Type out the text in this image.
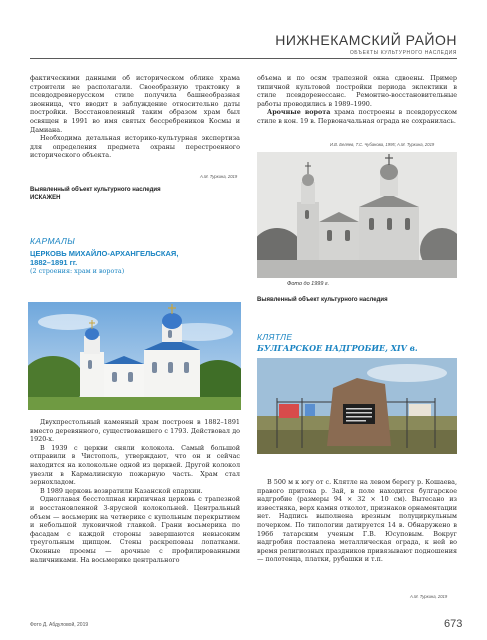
НИЖНЕКАМСКИЙ РАЙОН
ОБЪЕКТЫ КУЛЬТУРНОГО НАСЛЕДИЯ

фактическими данными об историческом облике храма строители не располагали. Своеобразную трактовку в псевдодревнерусском стиле получила башнеобразная звонница, что вводит в заблуждение относительно даты постройки. Восстановленный таким образом храм был освящен в 1991 во имя святых бессребреников Космы и Дамиана.

Необходима детальная историко-культурная экспертиза для определения предмета охраны перестроенного исторического объекта.

А.М. Туркина, 2019
Выявленный объект культурного наследия
ИСКАЖЕН
КАРМАЛЫ
ЦЕРКОВЬ МИХАЙЛО-АРХАНГЕЛЬСКАЯ,
1882–1891 гг.
(2 строения: храм и ворота)

Двухпрестольный каменный храм построен в 1882–1891 вместо деревянного, существовавшего с 1793. Действовал до 1920-х.

В 1939 с церкви сняли колокола. Самый большой отправили в Чистополь, утверждают, что он и сейчас находится на колокольне одной из церквей. Другой колокол увезли в Кармалинскую пожарную часть. Храм стал зернохладом.

В 1989 церковь возвратили Казанской епархии.

Одноглавая бесстолпная кирпичная церковь с трапезной и восстановленной 3-ярусной колокольней. Центральный объем — восьмерик на четверике с купольным перекрытием и небольшой луковичной главкой. Грани восьмерика по фасадам с каждой стороны завершаются невысоким треугольным щипцом. Стены раскреповаы лопатками. Оконные проемы — арочные с профилированными наличниками. На восьмерике центрального

объема и по осям трапезной окна сдвоены. Пример типичной культовой постройки периода эклектики в стиле псевдоренессанс. Ремонтно-восстановительные работы проводились в 1989–1990.

Арочные ворота храма построены в псевдорусском стиле в кон. 19 в. Первоначальная ограда не сохранилась.

И.В. Беляев, Т.С. Чубанова, 1995; А.М. Туркина, 2019
Фото до 1999 г.
Выявленный объект культурного наследия
КЛЯТЛЕ
БУЛГАРСКОЕ НАДГРОБИЕ, XIV в.

В 500 м к югу от с. Клятле на левом берегу р. Кошаева, правого притока р. Зай, в поле находится булгарское надгробие (размеры 94 × 32 × 10 см). Вытесано из известняка, верх камня отколот, признаков орнаментации нет. Надпись выполнена врезным полуциркульным почерком. По типологии датируется 14 в. Обнаружено в 1966 татарским ученым Г.В. Юсуповым. Вокруг надгробия поставлена металлическая ограда, к ней во время религиозных праздников привязывают подношения — полотенца, платки, рубашки и т.п.

А.М. Туркина, 2019
Фото Д. Абдуловой, 2019	673
